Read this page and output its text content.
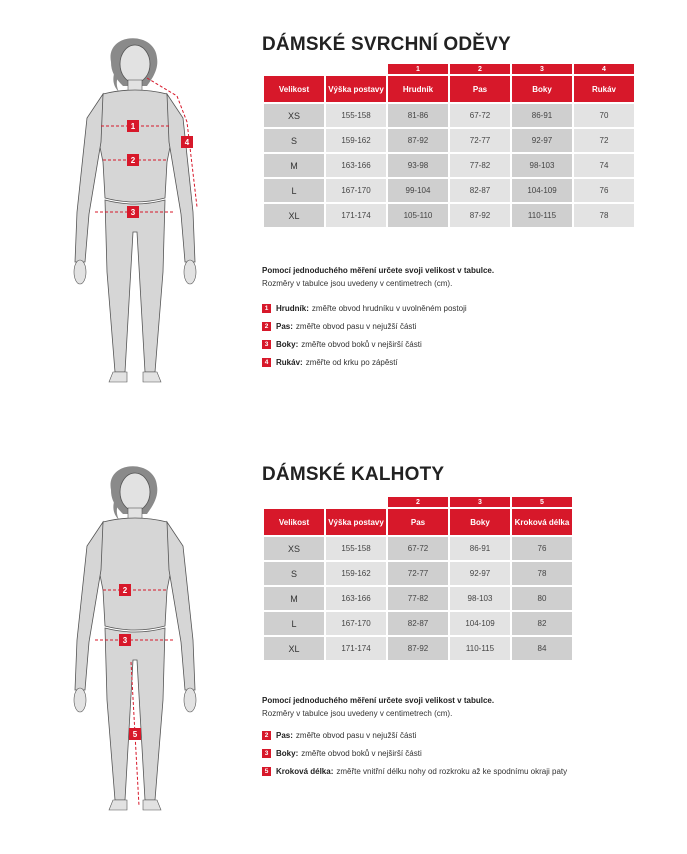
1
2
3
4
DÁMSKÉ SVRCHNÍ ODĚVY
		1	2	3	4
Velikost	Výška postavy	Hrudník	Pas	Boky	Rukáv
XS	155-158	81-86	67-72	86-91	70
S	159-162	87-92	72-77	92-97	72
M	163-166	93-98	77-82	98-103	74
L	167-170	99-104	82-87	104-109	76
XL	171-174	105-110	87-92	110-115	78

Pomocí jednoduchého měření určete svoji velikost v tabulce.

Rozměry v tabulce jsou uvedeny v centimetrech (cm).

1 Hrudník: změřte obvod hrudníku v uvolněném postoji
2 Pas: změřte obvod pasu v nejužší části
3 Boky: změřte obvod boků v nejširší části
4 Rukáv: změřte od krku po zápěstí
2
3
5
DÁMSKÉ KALHOTY
		2	3	5
Velikost	Výška postavy	Pas	Boky	Kroková délka
XS	155-158	67-72	86-91	76
S	159-162	72-77	92-97	78
M	163-166	77-82	98-103	80
L	167-170	82-87	104-109	82
XL	171-174	87-92	110-115	84

Pomocí jednoduchého měření určete svoji velikost v tabulce.

Rozměry v tabulce jsou uvedeny v centimetrech (cm).

2 Pas: změřte obvod pasu v nejužší části
3 Boky: změřte obvod boků v nejširší části
5 Kroková délka: změřte vnitřní délku nohy od rozkroku až ke spodnímu okraji paty
